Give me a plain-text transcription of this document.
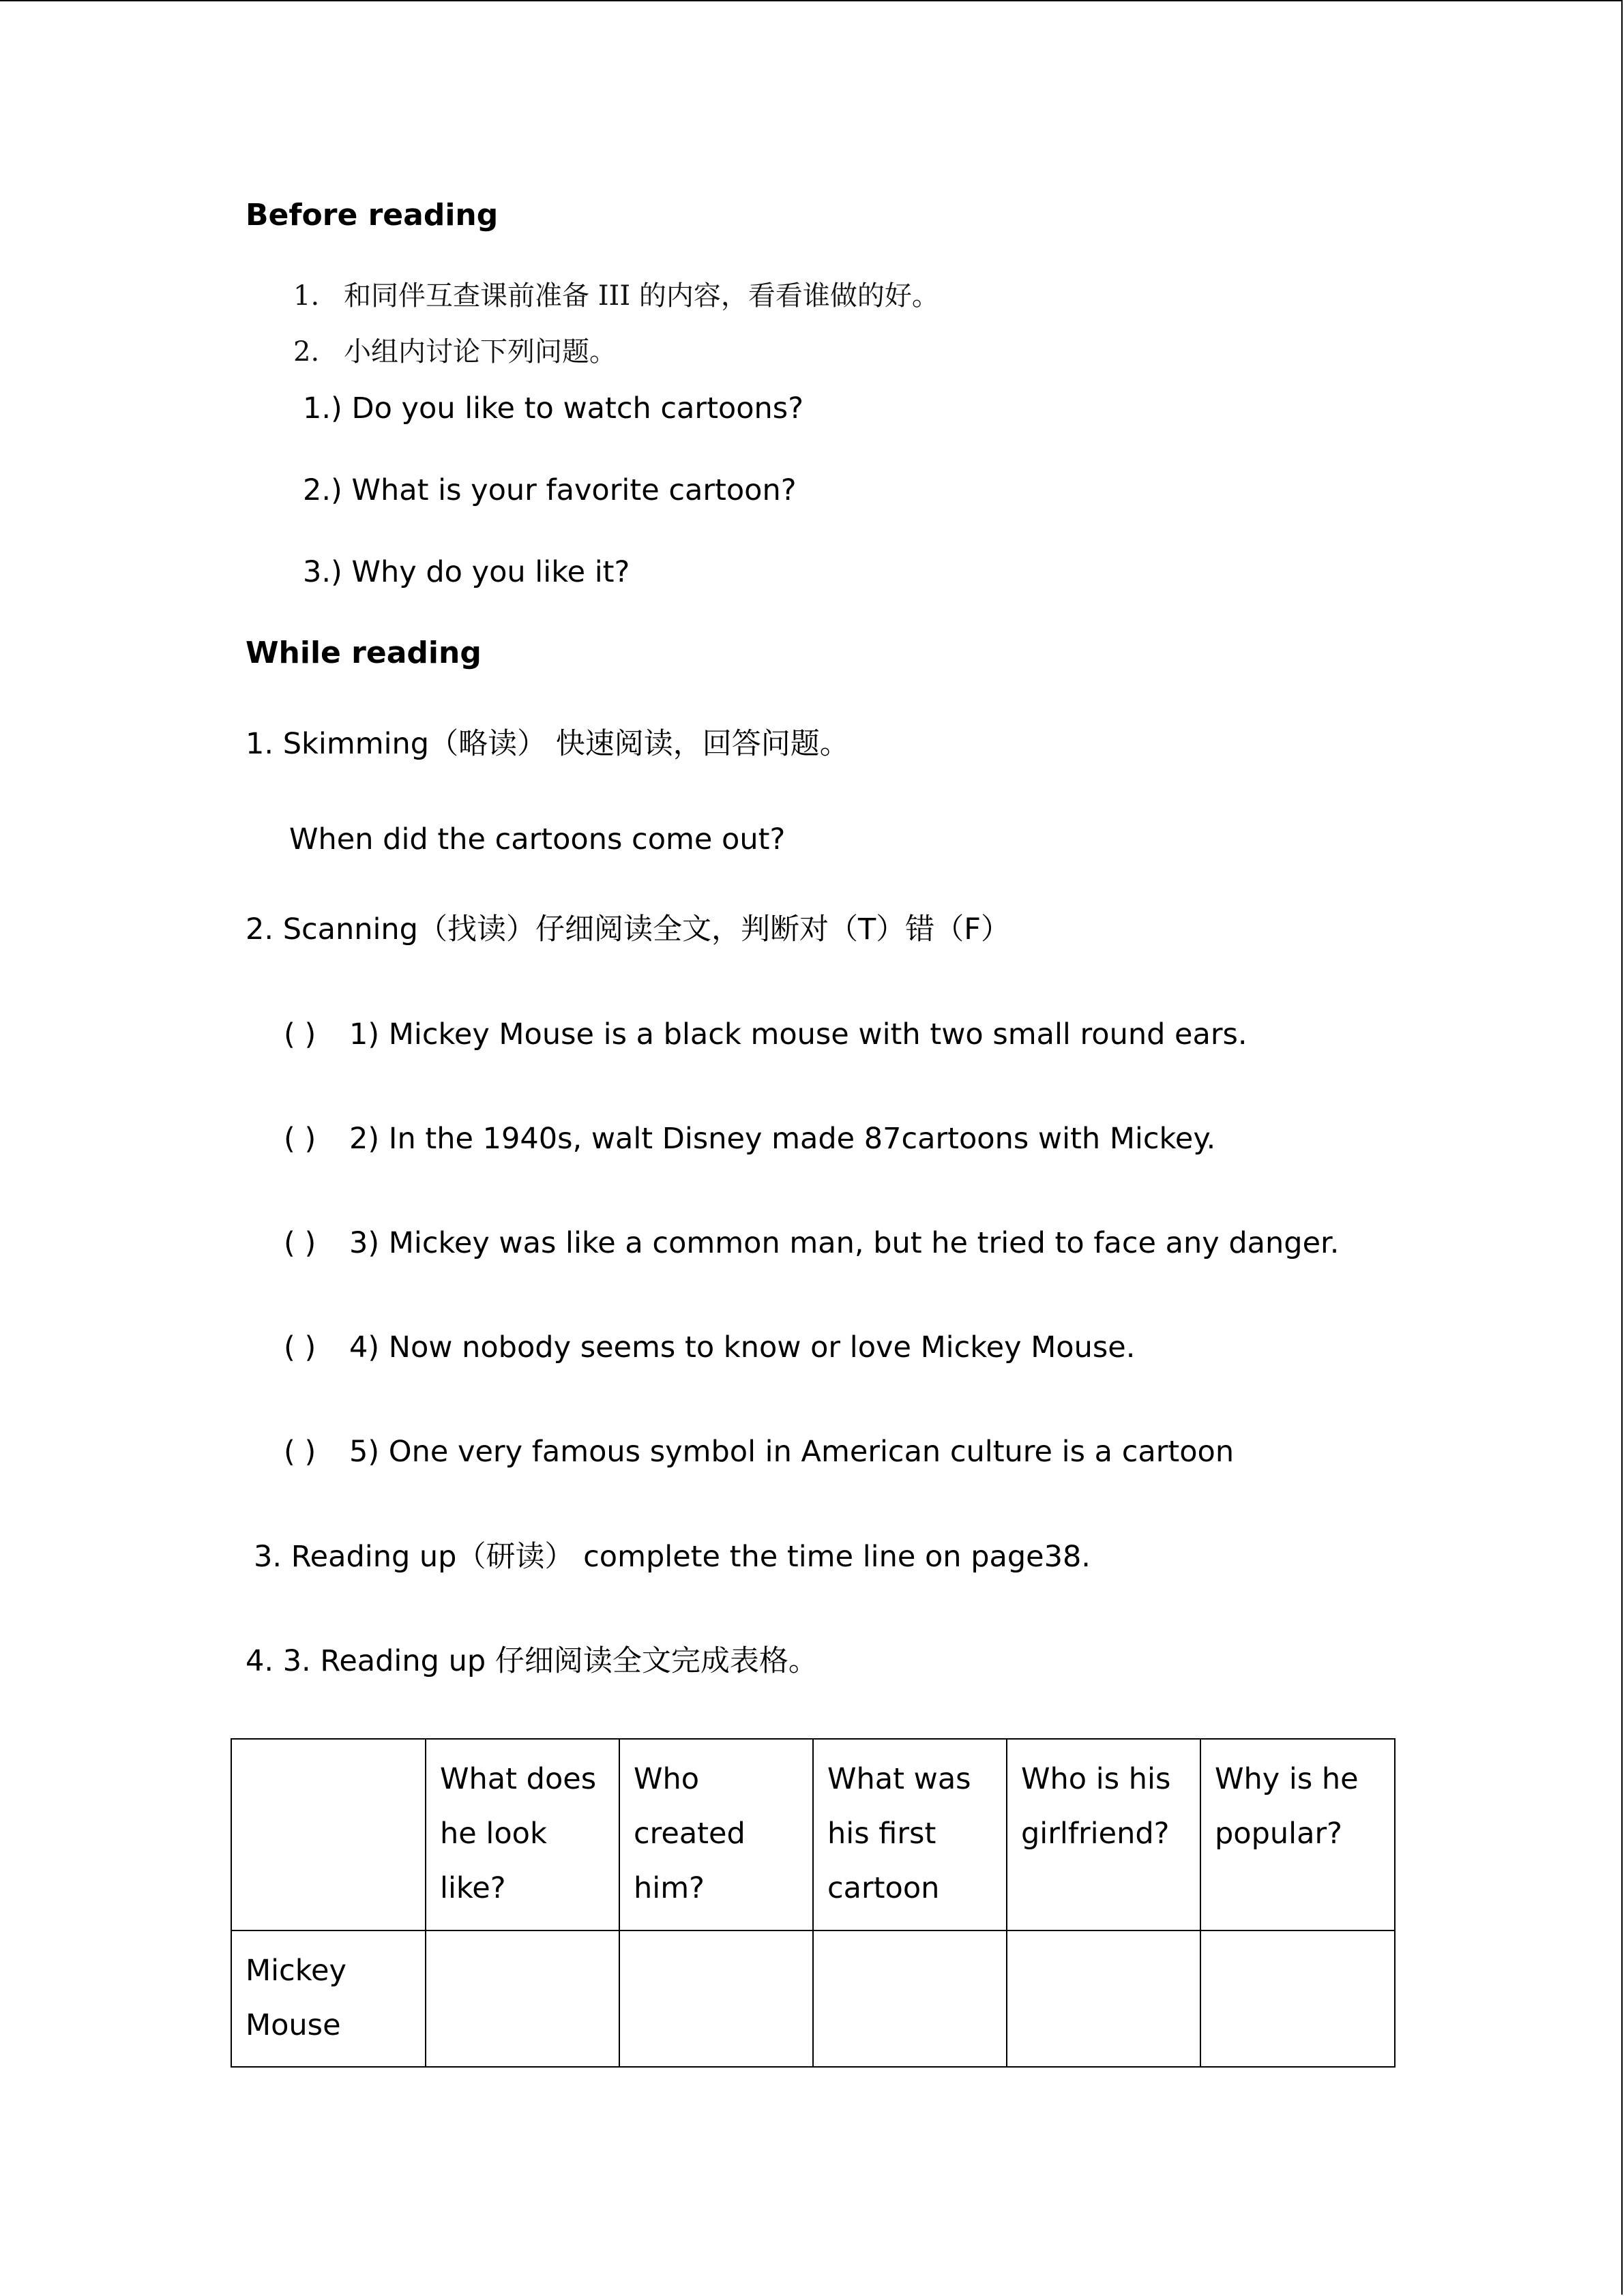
Before reading
1. 和同伴互查课前准备 III 的内容，看看谁做的好。
2. 小组内讨论下列问题。
1.) Do you like to watch cartoons?
2.) What is your favorite cartoon?
3.) Why do you like it?
While reading
1. Skimming（略读） 快速阅读，回答问题。
When did the cartoons come out?
2. Scanning（找读）仔细阅读全文，判断对（T）错（F）
( ) 1) Mickey Mouse is a black mouse with two small round ears.
( ) 2) In the 1940s, walt Disney made 87cartoons with Mickey.
( ) 3) Mickey was like a common man, but he tried to face any danger.
( ) 4) Now nobody seems to know or love Mickey Mouse.
( ) 5) One very famous symbol in American culture is a cartoon
3. Reading up（研读） complete the time line on page38.
4. 3. Reading up 仔细阅读全文完成表格。

	What does
he look
like?	Who
created
him?	What was
his first
cartoon	Who is his
girlfriend?	Why is he
popular?

Mickey
Mouse					
